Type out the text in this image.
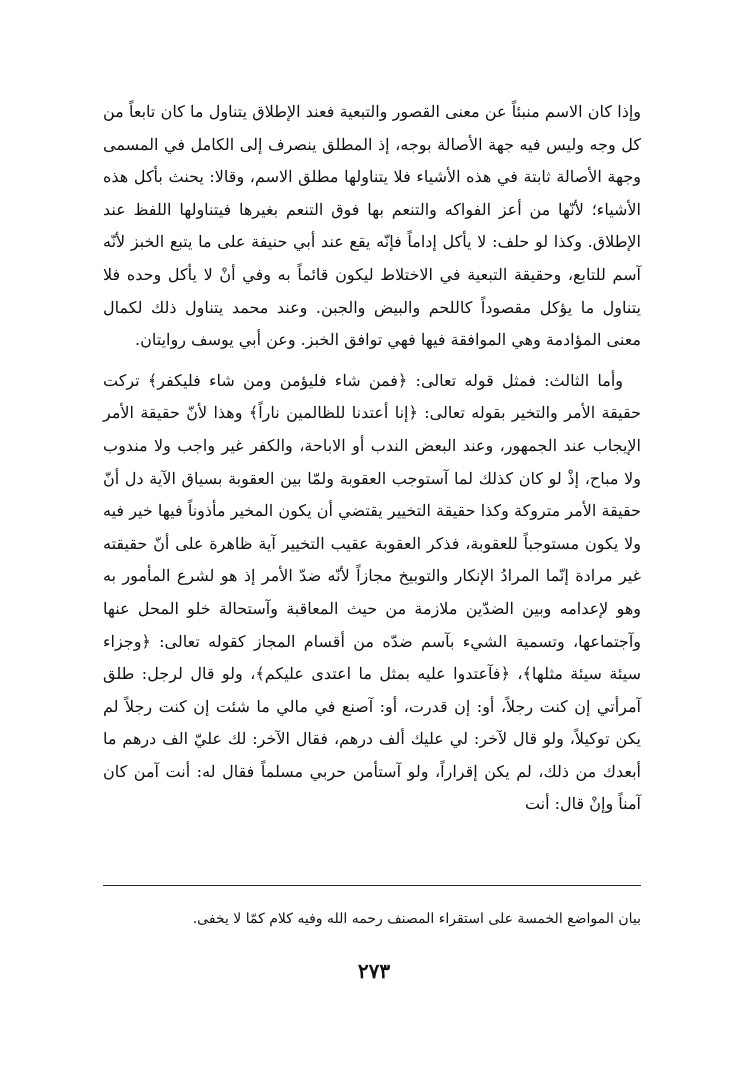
وإذا كان الاسم منبئاً عن معنى القصور والتبعية فعند الإطلاق يتناول ما كان تابعاً من كل وجه وليس فيه جهة الأصالة بوجه، إذ المطلق ينصرف إلى الكامل في المسمى وجهة الأصالة ثابتة في هذه الأشياء فلا يتناولها مطلق الاسم، وقالا: يحنث بأكل هذه الأشياء؛ لأنّها من أعز الفواكه والتنعم بها فوق التنعم بغيرها فيتناولها اللفظ عند الإطلاق. وكذا لو حلف: لا يأكل إداماً فإنّه يقع عند أبي حنيفة على ما يتبع الخبز لأنّه آسم للتابع، وحقيقة التبعية في الاختلاط ليكون قائماً به وفي أنْ لا يأكل وحده فلا يتناول ما يؤكل مقصوداً كاللحم والبيض والجبن. وعند محمد يتناول ذلك لكمال معنى المؤادمة وهي الموافقة فيها فهي توافق الخبز. وعن أبي يوسف روايتان.

وأما الثالث: فمثل قوله تعالى: ﴿فمن شاء فليؤمن ومن شاء فليكفر﴾ تركت حقيقة الأمر والتخير بقوله تعالى: ﴿إنا أعتدنا للظالمين ناراً﴾ وهذا لأنّ حقيقة الأمر الإيجاب عند الجمهور، وعند البعض الندب أو الاباحة، والكفر غير واجب ولا مندوب ولا مباح، إذْ لو كان كذلك لما آستوجب العقوبة ولمّا بين العقوبة بسياق الآية دل أنّ حقيقة الأمر متروكة وكذا حقيقة التخيير يقتضي أن يكون المخير مأذوناً فيها خير فيه ولا يكون مستوجباً للعقوبة، فذكر العقوبة عقيب التخيير آية ظاهرة على أنّ حقيقته غير مرادة إنّما المرادُ الإنكار والتوبيخ مجازاً لأنّه ضدّ الأمر إذ هو لشرع المأمور به وهو لإعدامه وبين الضدّين ملازمة من حيث المعاقبة وآستحالة خلو المحل عنها وآجتماعها، وتسمية الشيء بآسم ضدّه من أقسام المجاز كقوله تعالى: ﴿وجزاء سيئة سيئة مثلها﴾، ﴿فآعتدوا عليه بمثل ما اعتدى عليكم﴾، ولو قال لرجل: طلق آمرأتي إن كنت رجلاً، أو: إن قدرت، أو: آصنع في مالي ما شئت إن كنت رجلاً لم يكن توكيلاً، ولو قال لآخر: لي عليك ألف درهم، فقال الآخر: لك عليّ الف درهم ما أبعدك من ذلك، لم يكن إقراراً، ولو آستأمن حربي مسلماً فقال له: أنت آمن كان آمناً وإنْ قال: أنت

بيان المواضع الخمسة على استقراء المصنف رحمه الله وفيه كلام كمّا لا يخفى.
٢٧٣
